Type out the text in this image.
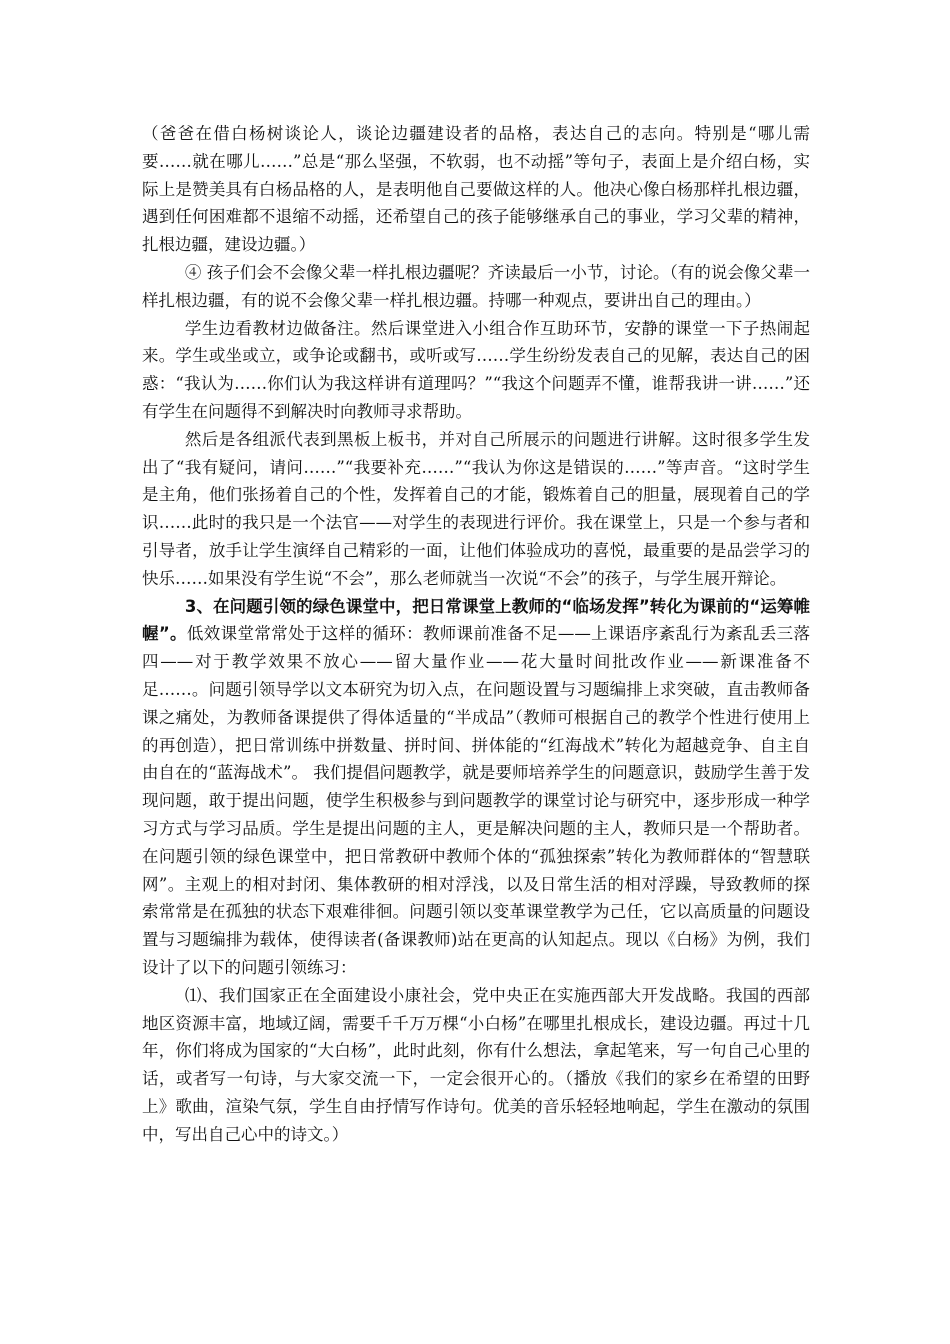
（爸爸在借白杨树谈论人，谈论边疆建设者的品格，表达自己的志向。特别是“哪儿需要……就在哪儿……”总是“那么坚强，不软弱，也不动摇”等句子，表面上是介绍白杨，实际上是赞美具有白杨品格的人，是表明他自己要做这样的人。他决心像白杨那样扎根边疆，遇到任何困难都不退缩不动摇，还希望自己的孩子能够继承自己的事业，学习父辈的精神，扎根边疆，建设边疆。）

④ 孩子们会不会像父辈一样扎根边疆呢？齐读最后一小节，讨论。（有的说会像父辈一样扎根边疆，有的说不会像父辈一样扎根边疆。持哪一种观点，要讲出自己的理由。）

学生边看教材边做备注。然后课堂进入小组合作互助环节，安静的课堂一下子热闹起来。学生或坐或立，或争论或翻书，或听或写……学生纷纷发表自己的见解，表达自己的困惑：“我认为……你们认为我这样讲有道理吗？”“我这个问题弄不懂，谁帮我讲一讲……”还有学生在问题得不到解决时向教师寻求帮助。

然后是各组派代表到黑板上板书，并对自己所展示的问题进行讲解。这时很多学生发出了“我有疑问，请问……”“我要补充……”“我认为你这是错误的……”等声音。“这时学生是主角，他们张扬着自己的个性，发挥着自己的才能，锻炼着自己的胆量，展现着自己的学识……此时的我只是一个法官——对学生的表现进行评价。我在课堂上，只是一个参与者和引导者，放手让学生演绎自己精彩的一面，让他们体验成功的喜悦，最重要的是品尝学习的快乐……如果没有学生说“不会”，那么老师就当一次说“不会”的孩子，与学生展开辩论。

3、在问题引领的绿色课堂中，把日常课堂上教师的“临场发挥”转化为课前的“运筹帷幄”。低效课堂常常处于这样的循环：教师课前准备不足——上课语序紊乱行为紊乱丢三落四——对于教学效果不放心——留大量作业——花大量时间批改作业——新课准备不足……。问题引领导学以文本研究为切入点，在问题设置与习题编排上求突破，直击教师备课之痛处，为教师备课提供了得体适量的“半成品”（教师可根据自己的教学个性进行使用上的再创造），把日常训练中拼数量、拼时间、拼体能的“红海战术”转化为超越竞争、自主自由自在的“蓝海战术”。 我们提倡问题教学，就是要师培养学生的问题意识，鼓励学生善于发现问题，敢于提出问题，使学生积极参与到问题教学的课堂讨论与研究中，逐步形成一种学习方式与学习品质。学生是提出问题的主人，更是解决问题的主人，教师只是一个帮助者。在问题引领的绿色课堂中，把日常教研中教师个体的“孤独探索”转化为教师群体的“智慧联网”。主观上的相对封闭、集体教研的相对浮浅，以及日常生活的相对浮躁，导致教师的探索常常是在孤独的状态下艰难徘徊。问题引领以变革课堂教学为己任，它以高质量的问题设置与习题编排为载体，使得读者(备课教师)站在更高的认知起点。现以《白杨》为例，我们设计了以下的问题引领练习：

⑴、我们国家正在全面建设小康社会，党中央正在实施西部大开发战略。我国的西部地区资源丰富，地域辽阔，需要千千万万棵“小白杨”在哪里扎根成长，建设边疆。再过十几年，你们将成为国家的“大白杨”，此时此刻，你有什么想法，拿起笔来，写一句自己心里的话，或者写一句诗，与大家交流一下，一定会很开心的。（播放《我们的家乡在希望的田野上》歌曲，渲染气氛，学生自由抒情写作诗句。优美的音乐轻轻地响起，学生在激动的氛围中，写出自己心中的诗文。）
